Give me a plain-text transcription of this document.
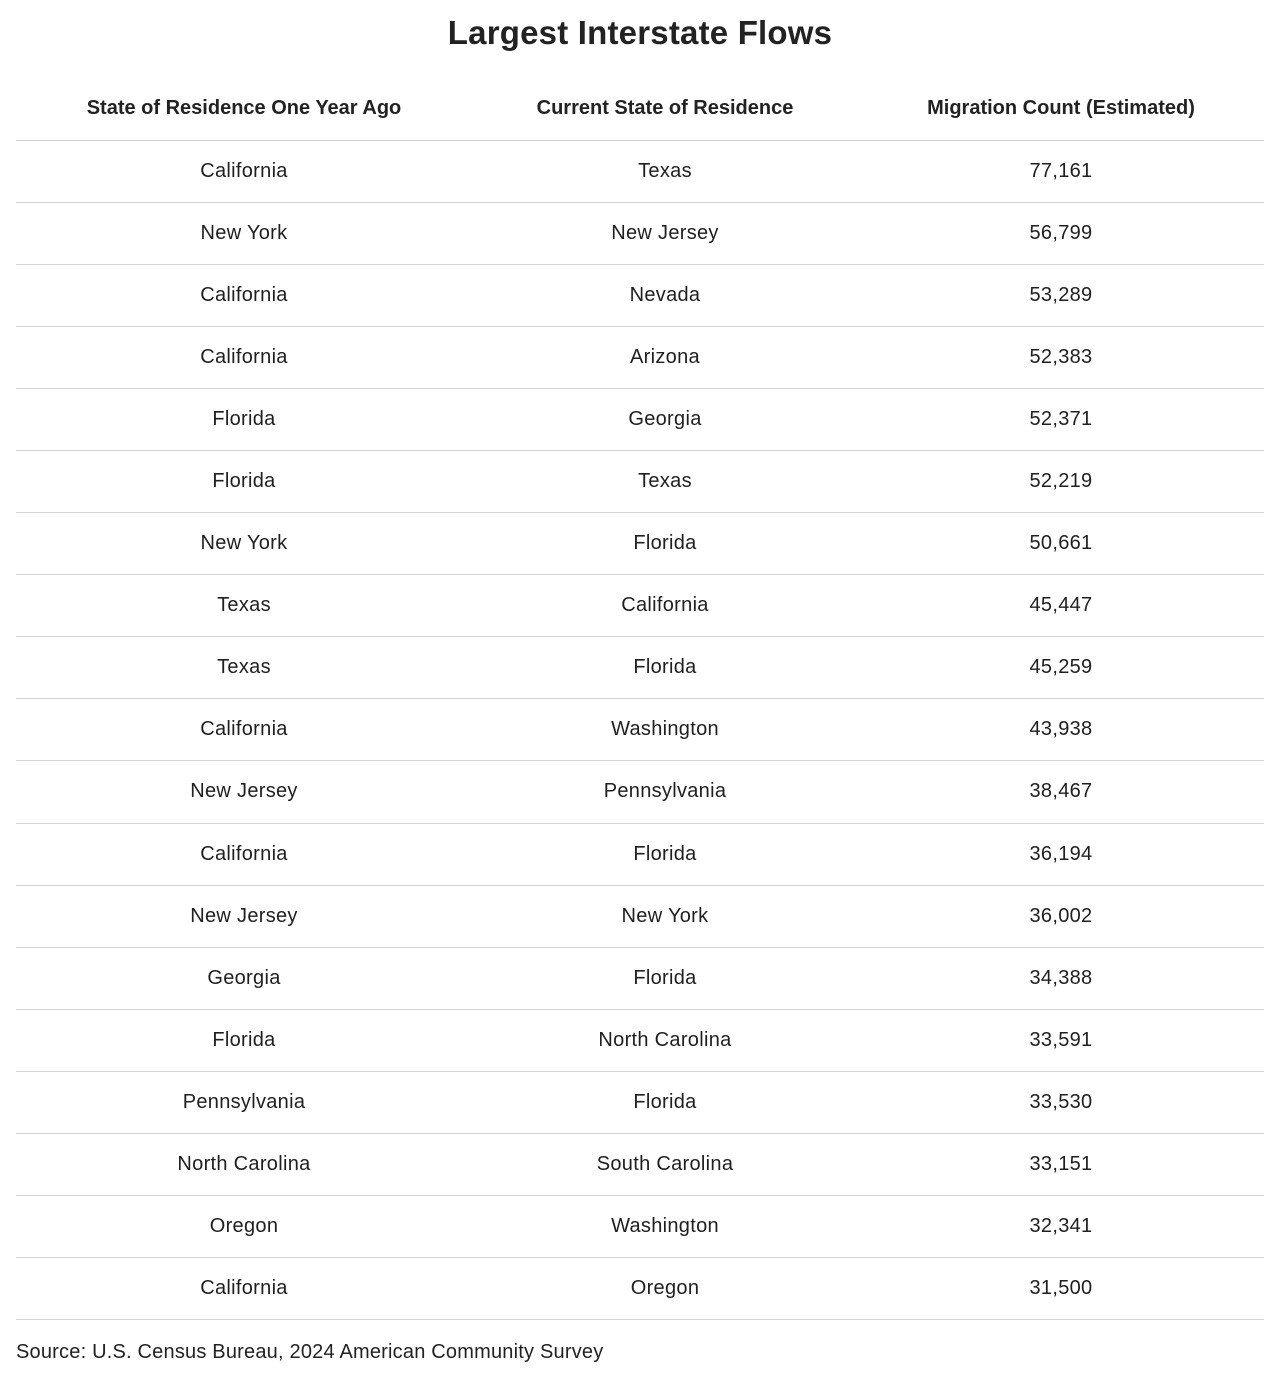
Largest Interstate Flows
State of Residence One Year Ago	Current State of Residence	Migration Count (Estimated)
California	Texas	77,161
New York	New Jersey	56,799
California	Nevada	53,289
California	Arizona	52,383
Florida	Georgia	52,371
Florida	Texas	52,219
New York	Florida	50,661
Texas	California	45,447
Texas	Florida	45,259
California	Washington	43,938
New Jersey	Pennsylvania	38,467
California	Florida	36,194
New Jersey	New York	36,002
Georgia	Florida	34,388
Florida	North Carolina	33,591
Pennsylvania	Florida	33,530
North Carolina	South Carolina	33,151
Oregon	Washington	32,341
California	Oregon	31,500

Source: U.S. Census Bureau, 2024 American Community Survey
